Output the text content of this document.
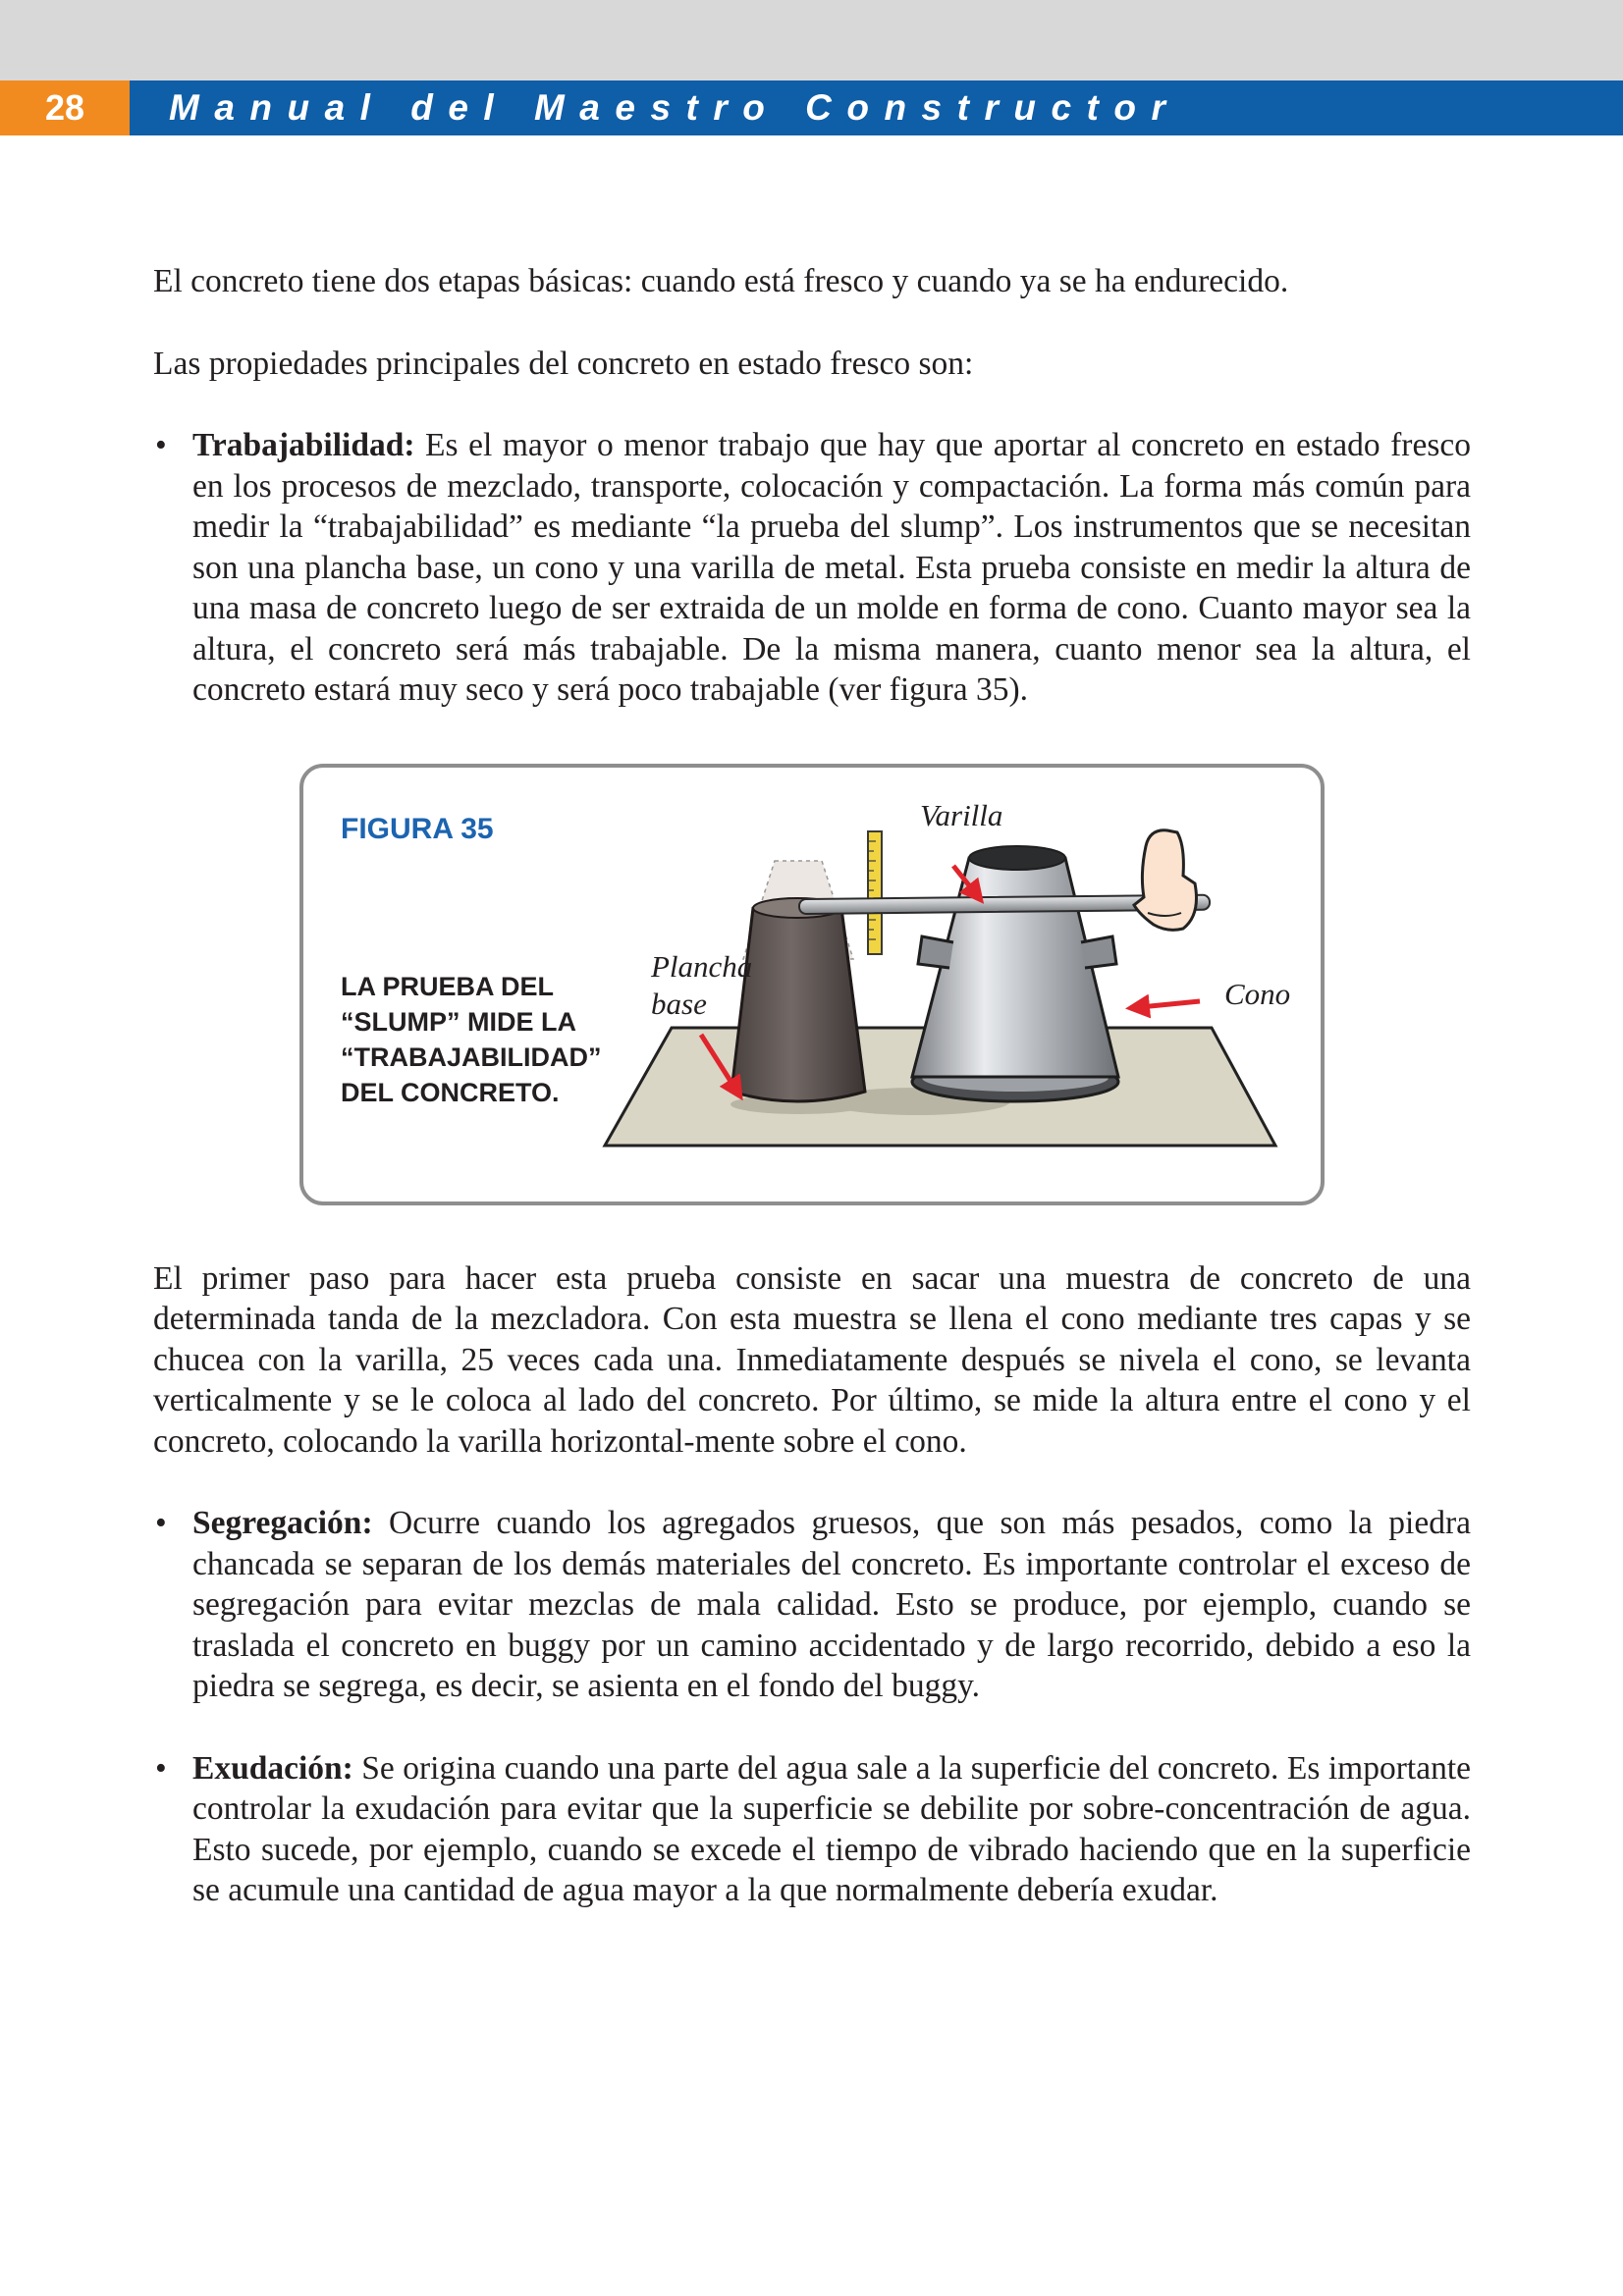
28	Manual del Maestro Constructor

El concreto tiene dos etapas básicas: cuando está fresco y cuando ya se ha endurecido.

Las propiedades principales del concreto en estado fresco son:

• Trabajabilidad: Es el mayor o menor trabajo que hay que aportar al concreto en estado fresco en los procesos de mezclado, transporte, colocación y compactación. La forma más común para medir la “trabajabilidad” es mediante “la prueba del slump”. Los instrumentos que se necesitan son una plancha base, un cono y una varilla de metal. Esta prueba consiste en medir la altura de una masa de concreto luego de ser extraida de un molde en forma de cono. Cuanto mayor sea la altura, el concreto será más trabajable. De la misma manera, cuanto menor sea la altura, el concreto estará muy seco y será poco trabajable (ver figura 35).

FIGURA 35
LA PRUEBA DEL
“SLUMP” MIDE LA
“TRABAJABILIDAD”
DEL CONCRETO.
Varilla
Plancha
base	Cono

El primer paso para hacer esta prueba consiste en sacar una muestra de concreto de una determinada tanda de la mezcladora. Con esta muestra se llena el cono mediante tres capas y se chucea con la varilla, 25 veces cada una. Inmediatamente después se nivela el cono, se levanta verticalmente y se le coloca al lado del concreto. Por último, se mide la altura entre el cono y el concreto, colocando la varilla horizontal-mente sobre el cono.

• Segregación: Ocurre cuando los agregados gruesos, que son más pesados, como la piedra chancada se separan de los demás materiales del concreto. Es importante controlar el exceso de segregación para evitar mezclas de mala calidad. Esto se produce, por ejemplo, cuando se traslada el concreto en buggy por un camino accidentado y de largo recorrido, debido a eso la piedra se segrega, es decir, se asienta en el fondo del buggy.

• Exudación: Se origina cuando una parte del agua sale a la superficie del concreto. Es importante controlar la exudación para evitar que la superficie se debilite por sobre-concentración de agua. Esto sucede, por ejemplo, cuando se excede el tiempo de vibrado haciendo que en la superficie se acumule una cantidad de agua mayor a la que normalmente debería exudar.
